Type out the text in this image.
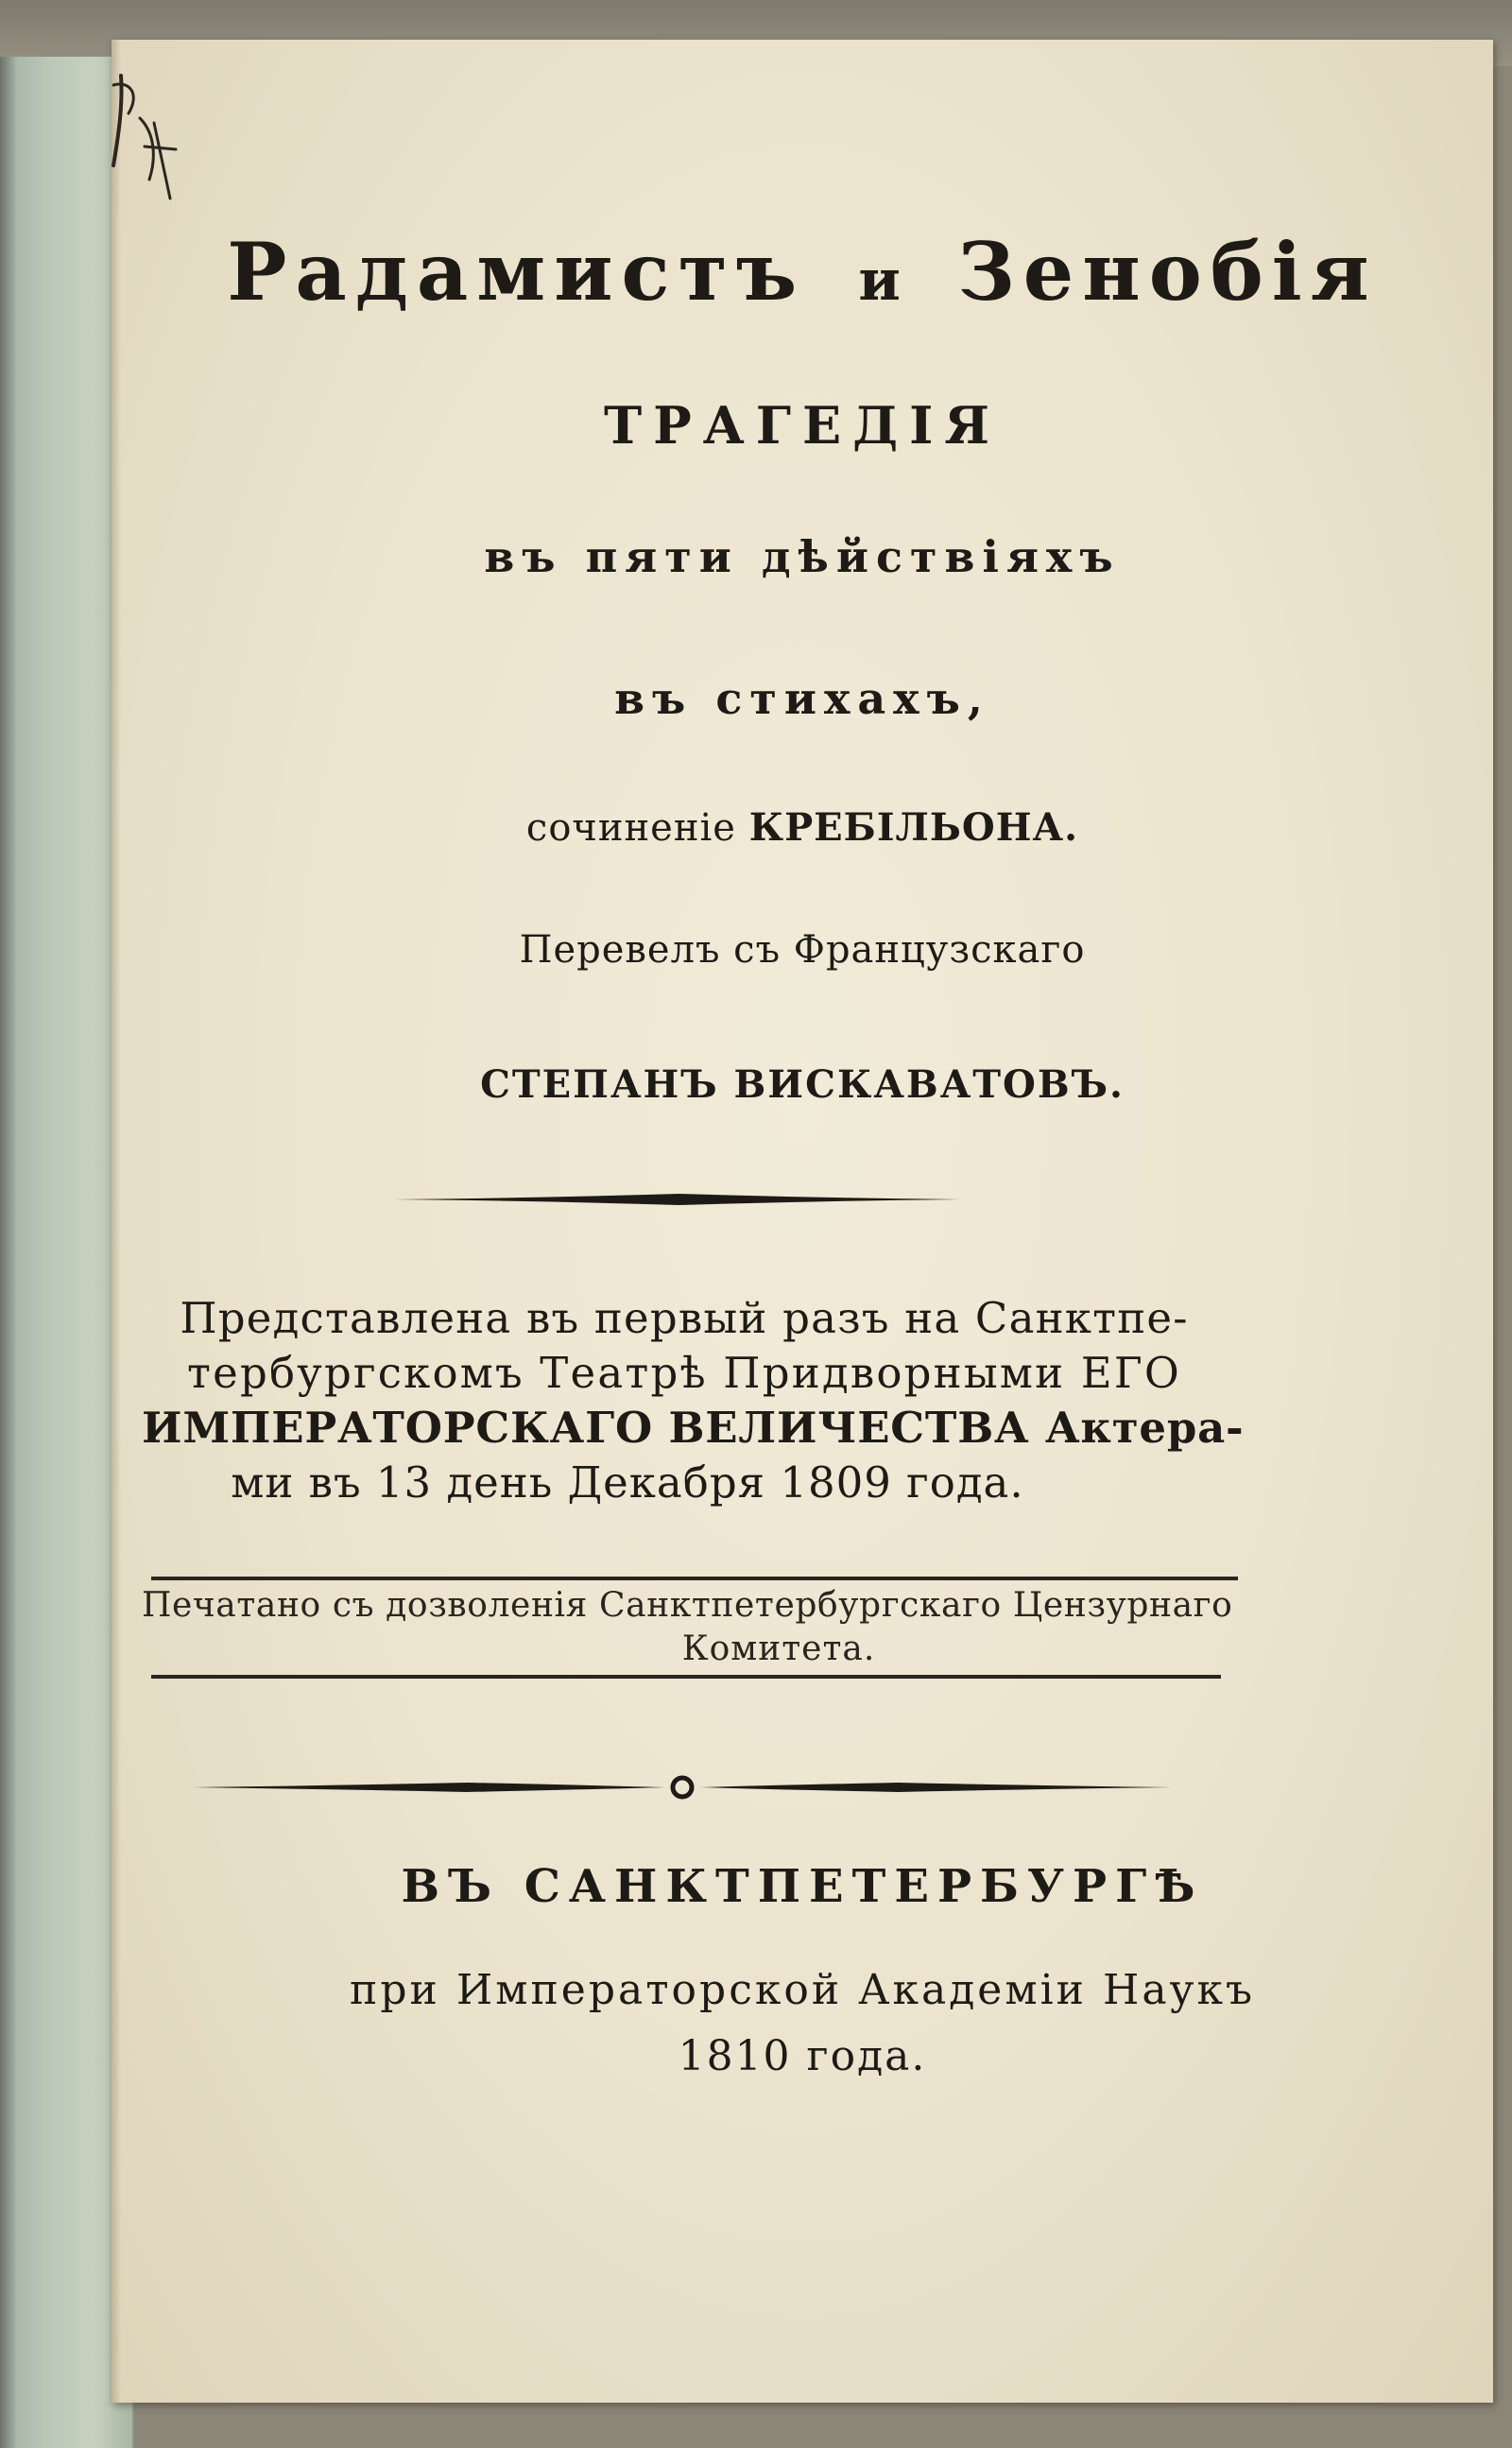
Радамистъ и Зенобія
ТРАГЕДІЯ
въ пяти дѣйствіяхъ
въ стихахъ,
сочиненіе КРЕБІЛЬОНА.
Перевелъ съ Французскаго
СТЕПАНЪ ВИСКАВАТОВЪ.
Представлена въ первый разъ на Санктпе-
тербургскомъ Театрѣ Придворными ЕГО
ИМПЕРАТОРСКАГО ВЕЛИЧЕСТВА Актера-
ми въ 13 день Декабря 1809 года.
Печатано съ дозволенія Санктпетербургскаго Цензурнаго
Комитета.
ВЪ САНКТПЕТЕРБУРГѢ
при Императорской Академіи Наукъ
1810 года.
